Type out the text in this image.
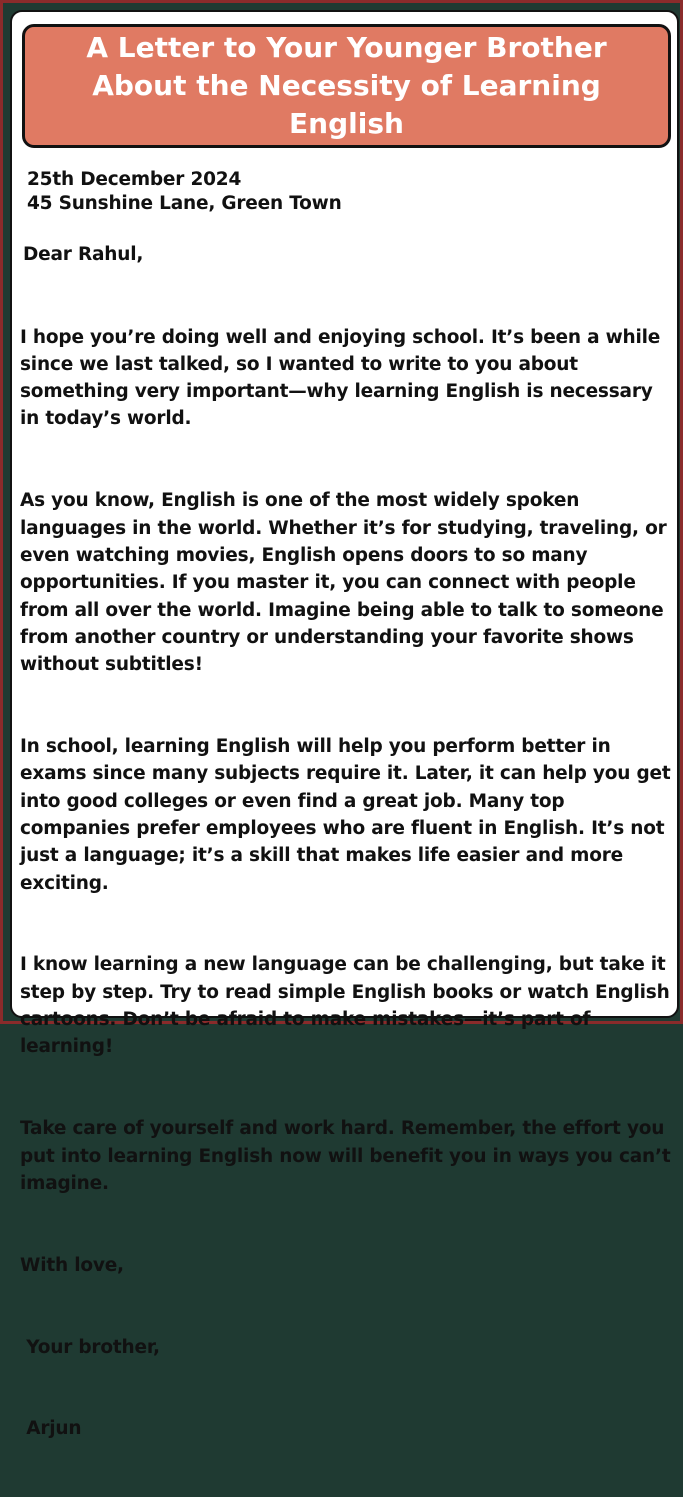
A Letter to Your Younger Brother About the Necessity of Learning English

25th December 2024

45 Sunshine Lane, Green Town

Dear Rahul,

I hope you’re doing well and enjoying school. It’s been a while since we last talked, so I wanted to write to you about something very important—why learning English is necessary in today’s world.

As you know, English is one of the most widely spoken languages in the world. Whether it’s for studying, traveling, or even watching movies, English opens doors to so many opportunities. If you master it, you can connect with people from all over the world. Imagine being able to talk to someone from another country or understanding your favorite shows without subtitles!

In school, learning English will help you perform better in exams since many subjects require it. Later, it can help you get into good colleges or even find a great job. Many top companies prefer employees who are fluent in English. It’s not just a language; it’s a skill that makes life easier and more exciting.

I know learning a new language can be challenging, but take it step by step. Try to read simple English books or watch English cartoons. Don’t be afraid to make mistakes—it’s part of learning!

Take care of yourself and work hard. Remember, the effort you put into learning English now will benefit you in ways you can’t imagine.

With love,

Your brother,

Arjun
